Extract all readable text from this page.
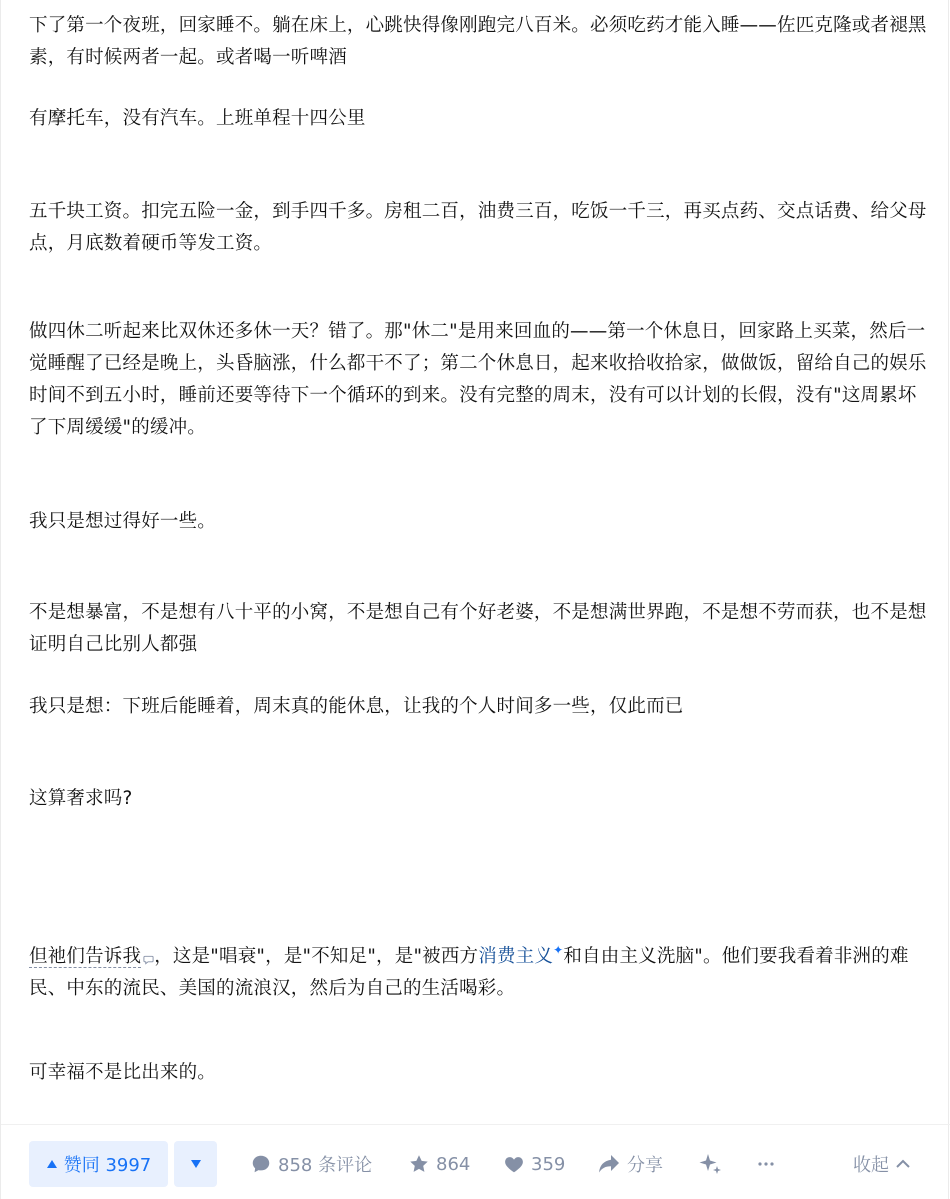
下了第一个夜班，回家睡不。躺在床上，心跳快得像刚跑完八百米。必须吃药才能入睡——佐匹克隆或者褪黑素，有时候两者一起。或者喝一听啤酒

有摩托车，没有汽车。上班单程十四公里

五千块工资。扣完五险一金，到手四千多。房租二百，油费三百，吃饭一千三，再买点药、交点话费、给父母点，月底数着硬币等发工资。

做四休二听起来比双休还多休一天？错了。那"休二"是用来回血的——第一个休息日，回家路上买菜，然后一觉睡醒了已经是晚上，头昏脑涨，什么都干不了；第二个休息日，起来收拾收拾家，做做饭，留给自己的娱乐时间不到五小时，睡前还要等待下一个循环的到来。没有完整的周末，没有可以计划的长假，没有"这周累坏了下周缓缓"的缓冲。

我只是想过得好一些。

不是想暴富，不是想有八十平的小窝，不是想自己有个好老婆，不是想满世界跑，不是想不劳而获，也不是想证明自己比别人都强

我只是想：下班后能睡着，周末真的能休息，让我的个人时间多一些，仅此而已

这算奢求吗?

但祂们告诉我 ，这是"唱衰"，是"不知足"，是"被西方消费主义✦和自由主义洗脑"。他们要我看着非洲的难民、中东的流民、美国的流浪汉，然后为自己的生活喝彩。

可幸福不是比出来的。

赞同 3997	858 条评论	864	359	分享	收起
